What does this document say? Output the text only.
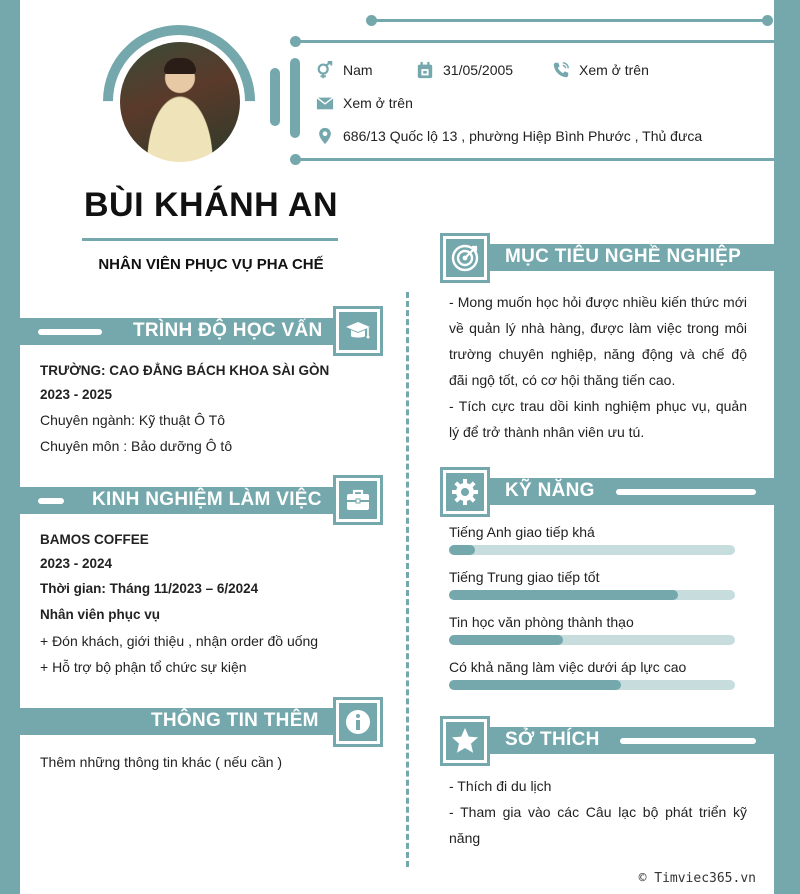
Nam	31/05/2005	Xem ở trên
Xem ở trên
686/13 Quốc lộ 13 , phường Hiệp Bình Phước , Thủ đưca
BÙI KHÁNH AN
NHÂN VIÊN PHỤC VỤ PHA CHẾ
TRÌNH ĐỘ HỌC VẤN
TRƯỜNG: CAO ĐẲNG BÁCH KHOA SÀI GÒN
2023 - 2025
Chuyên ngành: Kỹ thuật Ô Tô
Chuyên môn : Bảo dưỡng Ô tô
KINH NGHIỆM LÀM VIỆC
BAMOS COFFEE
2023 - 2024
Thời gian: Tháng 11/2023 – 6/2024
Nhân viên phục vụ
+ Đón khách, giới thiệu , nhận order đồ uống
+ Hỗ trợ bộ phận tổ chức sự kiện
THÔNG TIN THÊM
Thêm những thông tin khác ( nếu cần )
MỤC TIÊU NGHỀ NGHIỆP
- Mong muốn học hỏi được nhiều kiến thức mới về quản lý nhà hàng, được làm việc trong môi trường chuyên nghiệp, năng động và chế độ đãi ngộ tốt, có cơ hội thăng tiến cao.
- Tích cực trau dồi kinh nghiệm phục vụ, quản lý để trở thành nhân viên ưu tú.
KỸ NĂNG
Tiếng Anh giao tiếp khá
Tiếng Trung giao tiếp tốt
Tin học văn phòng thành thạo
Có khả năng làm việc dưới áp lực cao
SỞ THÍCH
- Thích đi du lịch
- Tham gia vào các Câu lạc bộ phát triển kỹ năng
© Timviec365.vn
